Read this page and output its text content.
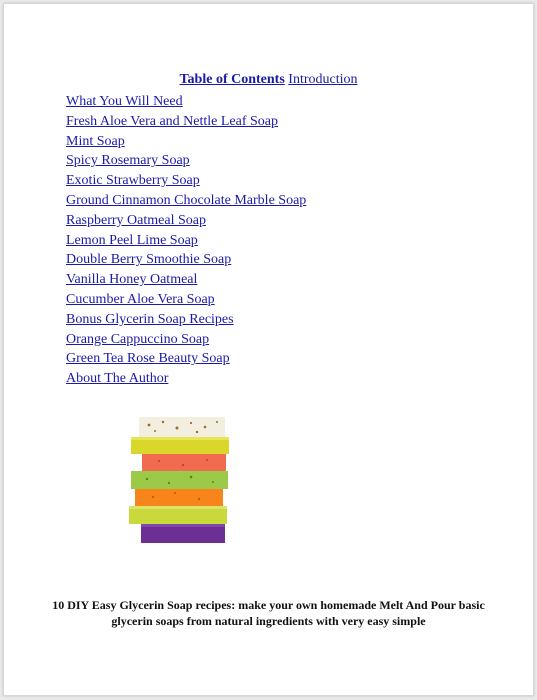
Table of Contents Introduction
What You Will Need
Fresh Aloe Vera and Nettle Leaf Soap
Mint Soap
Spicy Rosemary Soap
Exotic Strawberry Soap
Ground Cinnamon Chocolate Marble Soap
Raspberry Oatmeal Soap
Lemon Peel Lime Soap
Double Berry Smoothie Soap
Vanilla Honey Oatmeal
Cucumber Aloe Vera Soap
Bonus Glycerin Soap Recipes
Orange Cappuccino Soap
Green Tea Rose Beauty Soap
About The Author
10 DIY Easy Glycerin Soap recipes: make your own homemade Melt And Pour basic glycerin soaps from natural ingredients with very easy simple
